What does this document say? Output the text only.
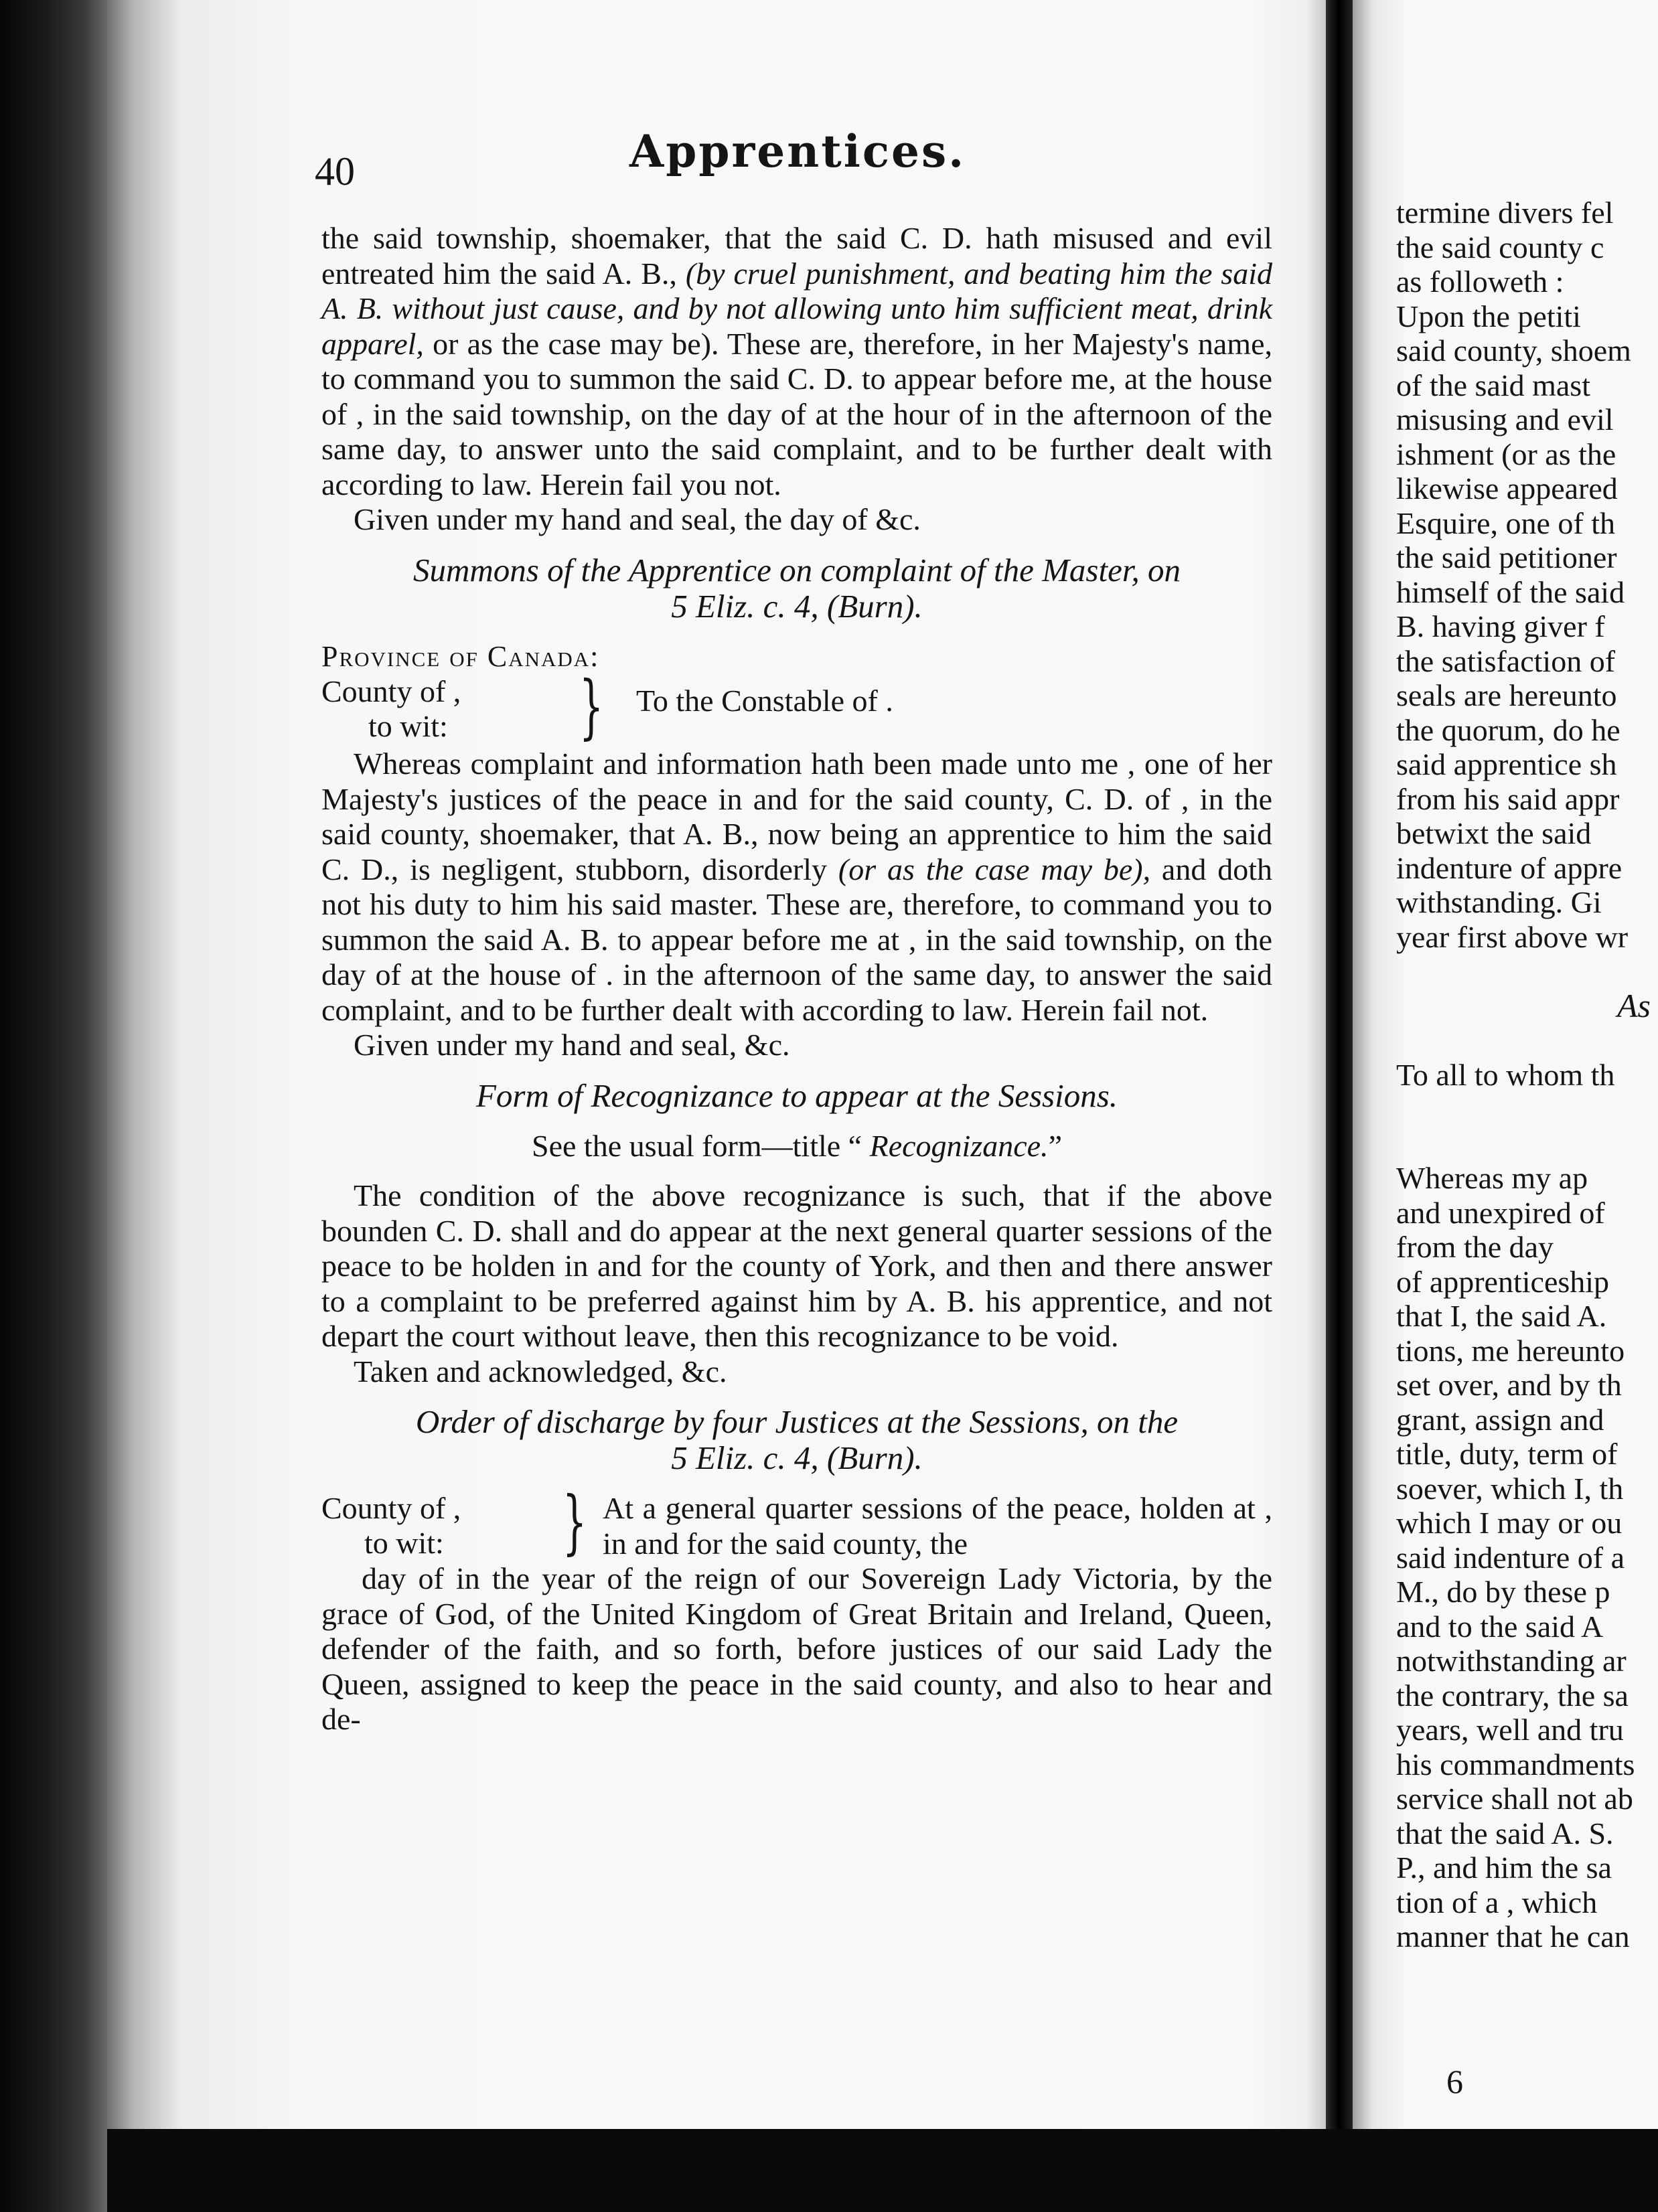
40	Apprentices.

the said township, shoemaker, that the said C. D. hath misused and evil entreated him the said A. B., (by cruel punishment, and beating him the said A. B. without just cause, and by not allowing unto him sufficient meat, drink apparel, or as the case may be). These are, therefore, in her Majesty's name, to command you to summon the said C. D. to appear before me, at the house of , in the said township, on the day of at the hour of in the afternoon of the same day, to answer unto the said complaint, and to be further dealt with according to law. Herein fail you not.

Given under my hand and seal, the day of &c.

Summons of the Apprentice on complaint of the Master, on

5 Eliz. c. 4, (Burn).

Province of Canada:

County of ,
to wit: } To the Constable of .

Whereas complaint and information hath been made unto me , one of her Majesty's justices of the peace in and for the said county, C. D. of , in the said county, shoemaker, that A. B., now being an apprentice to him the said C. D., is negligent, stubborn, disorderly (or as the case may be), and doth not his duty to him his said master. These are, therefore, to command you to summon the said A. B. to appear before me at , in the said township, on the day of at the house of . in the afternoon of the same day, to answer the said complaint, and to be further dealt with according to law. Herein fail not.

Given under my hand and seal, &c.

Form of Recognizance to appear at the Sessions.

See the usual form—title “ Recognizance.”

The condition of the above recognizance is such, that if the above bounden C. D. shall and do appear at the next general quarter sessions of the peace to be holden in and for the county of York, and then and there answer to a complaint to be preferred against him by A. B. his apprentice, and not depart the court without leave, then this recognizance to be void.

Taken and acknowledged, &c.

Order of discharge by four Justices at the Sessions, on the

5 Eliz. c. 4, (Burn).

County of ,
to wit: } At a general quarter sessions of the peace, holden at , in and for the said county, the

day of in the year of the reign of our Sovereign Lady Victoria, by the grace of God, of the United Kingdom of Great Britain and Ireland, Queen, defender of the faith, and so forth, before justices of our said Lady the Queen, assigned to keep the peace in the said county, and also to hear and de-

termine divers fel
the said county c
as followeth :
Upon the petiti
said county, shoem
of the said mast
misusing and evil
ishment (or as the
likewise appeared
Esquire, one of th
the said petitioner
himself of the said
B. having giver f
the satisfaction of
seals are hereunto
the quorum, do he
said apprentice sh
from his said appr
betwixt the said
indenture of appre
withstanding. Gi
year first above wr
As
To all to whom th
Whereas my ap
and unexpired of
from the day
of apprenticeship
that I, the said A.
tions, me hereunto
set over, and by th
grant, assign and
title, duty, term of
soever, which I, th
which I may or ou
said indenture of a
M., do by these p
and to the said A
notwithstanding ar
the contrary, the sa
years, well and tru
his commandments
service shall not ab
that the said A. S.
P., and him the sa
tion of a , which
manner that he can
6
